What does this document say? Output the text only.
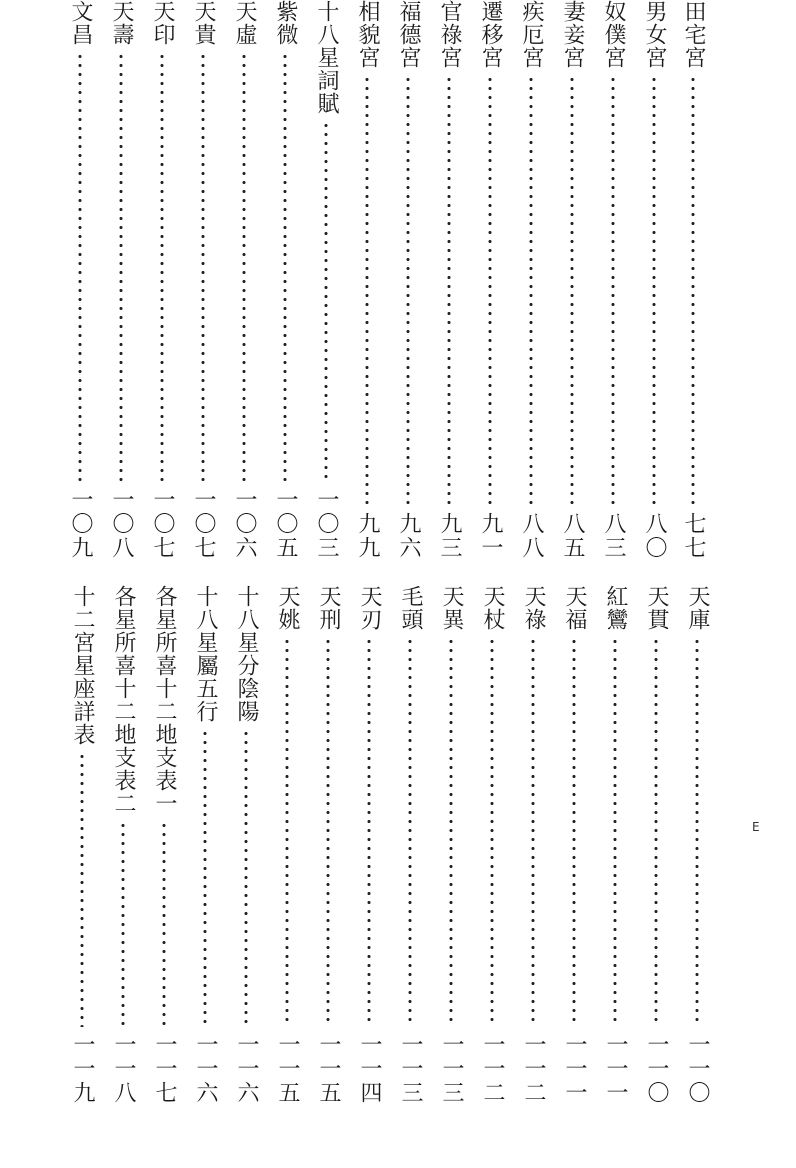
田宅宮
七七
男女宮
八〇
奴僕宮
八三
妻妾宮
八五
疾厄宮
八八
遷移宮
九一
官祿宮
九三
福德宮
九六
相貌宮
九九
十八星詞賦
一〇三
紫微
一〇五
天虛
一〇六
天貴
一〇七
天印
一〇七
天壽
一〇八
文昌
一〇九
天庫
一一〇
天貫
一一〇
紅鸞
一一一
天福
一一一
天祿
一一二
天杖
一一二
天異
一一三
毛頭
一一三
天刃
一一四
天刑
一一五
天姚
一一五
十八星分陰陽
一一六
十八星屬五行
一一六
各星所喜十二地支表一
一一七
各星所喜十二地支表二
一一八
十二宮星座詳表
一一九
E
